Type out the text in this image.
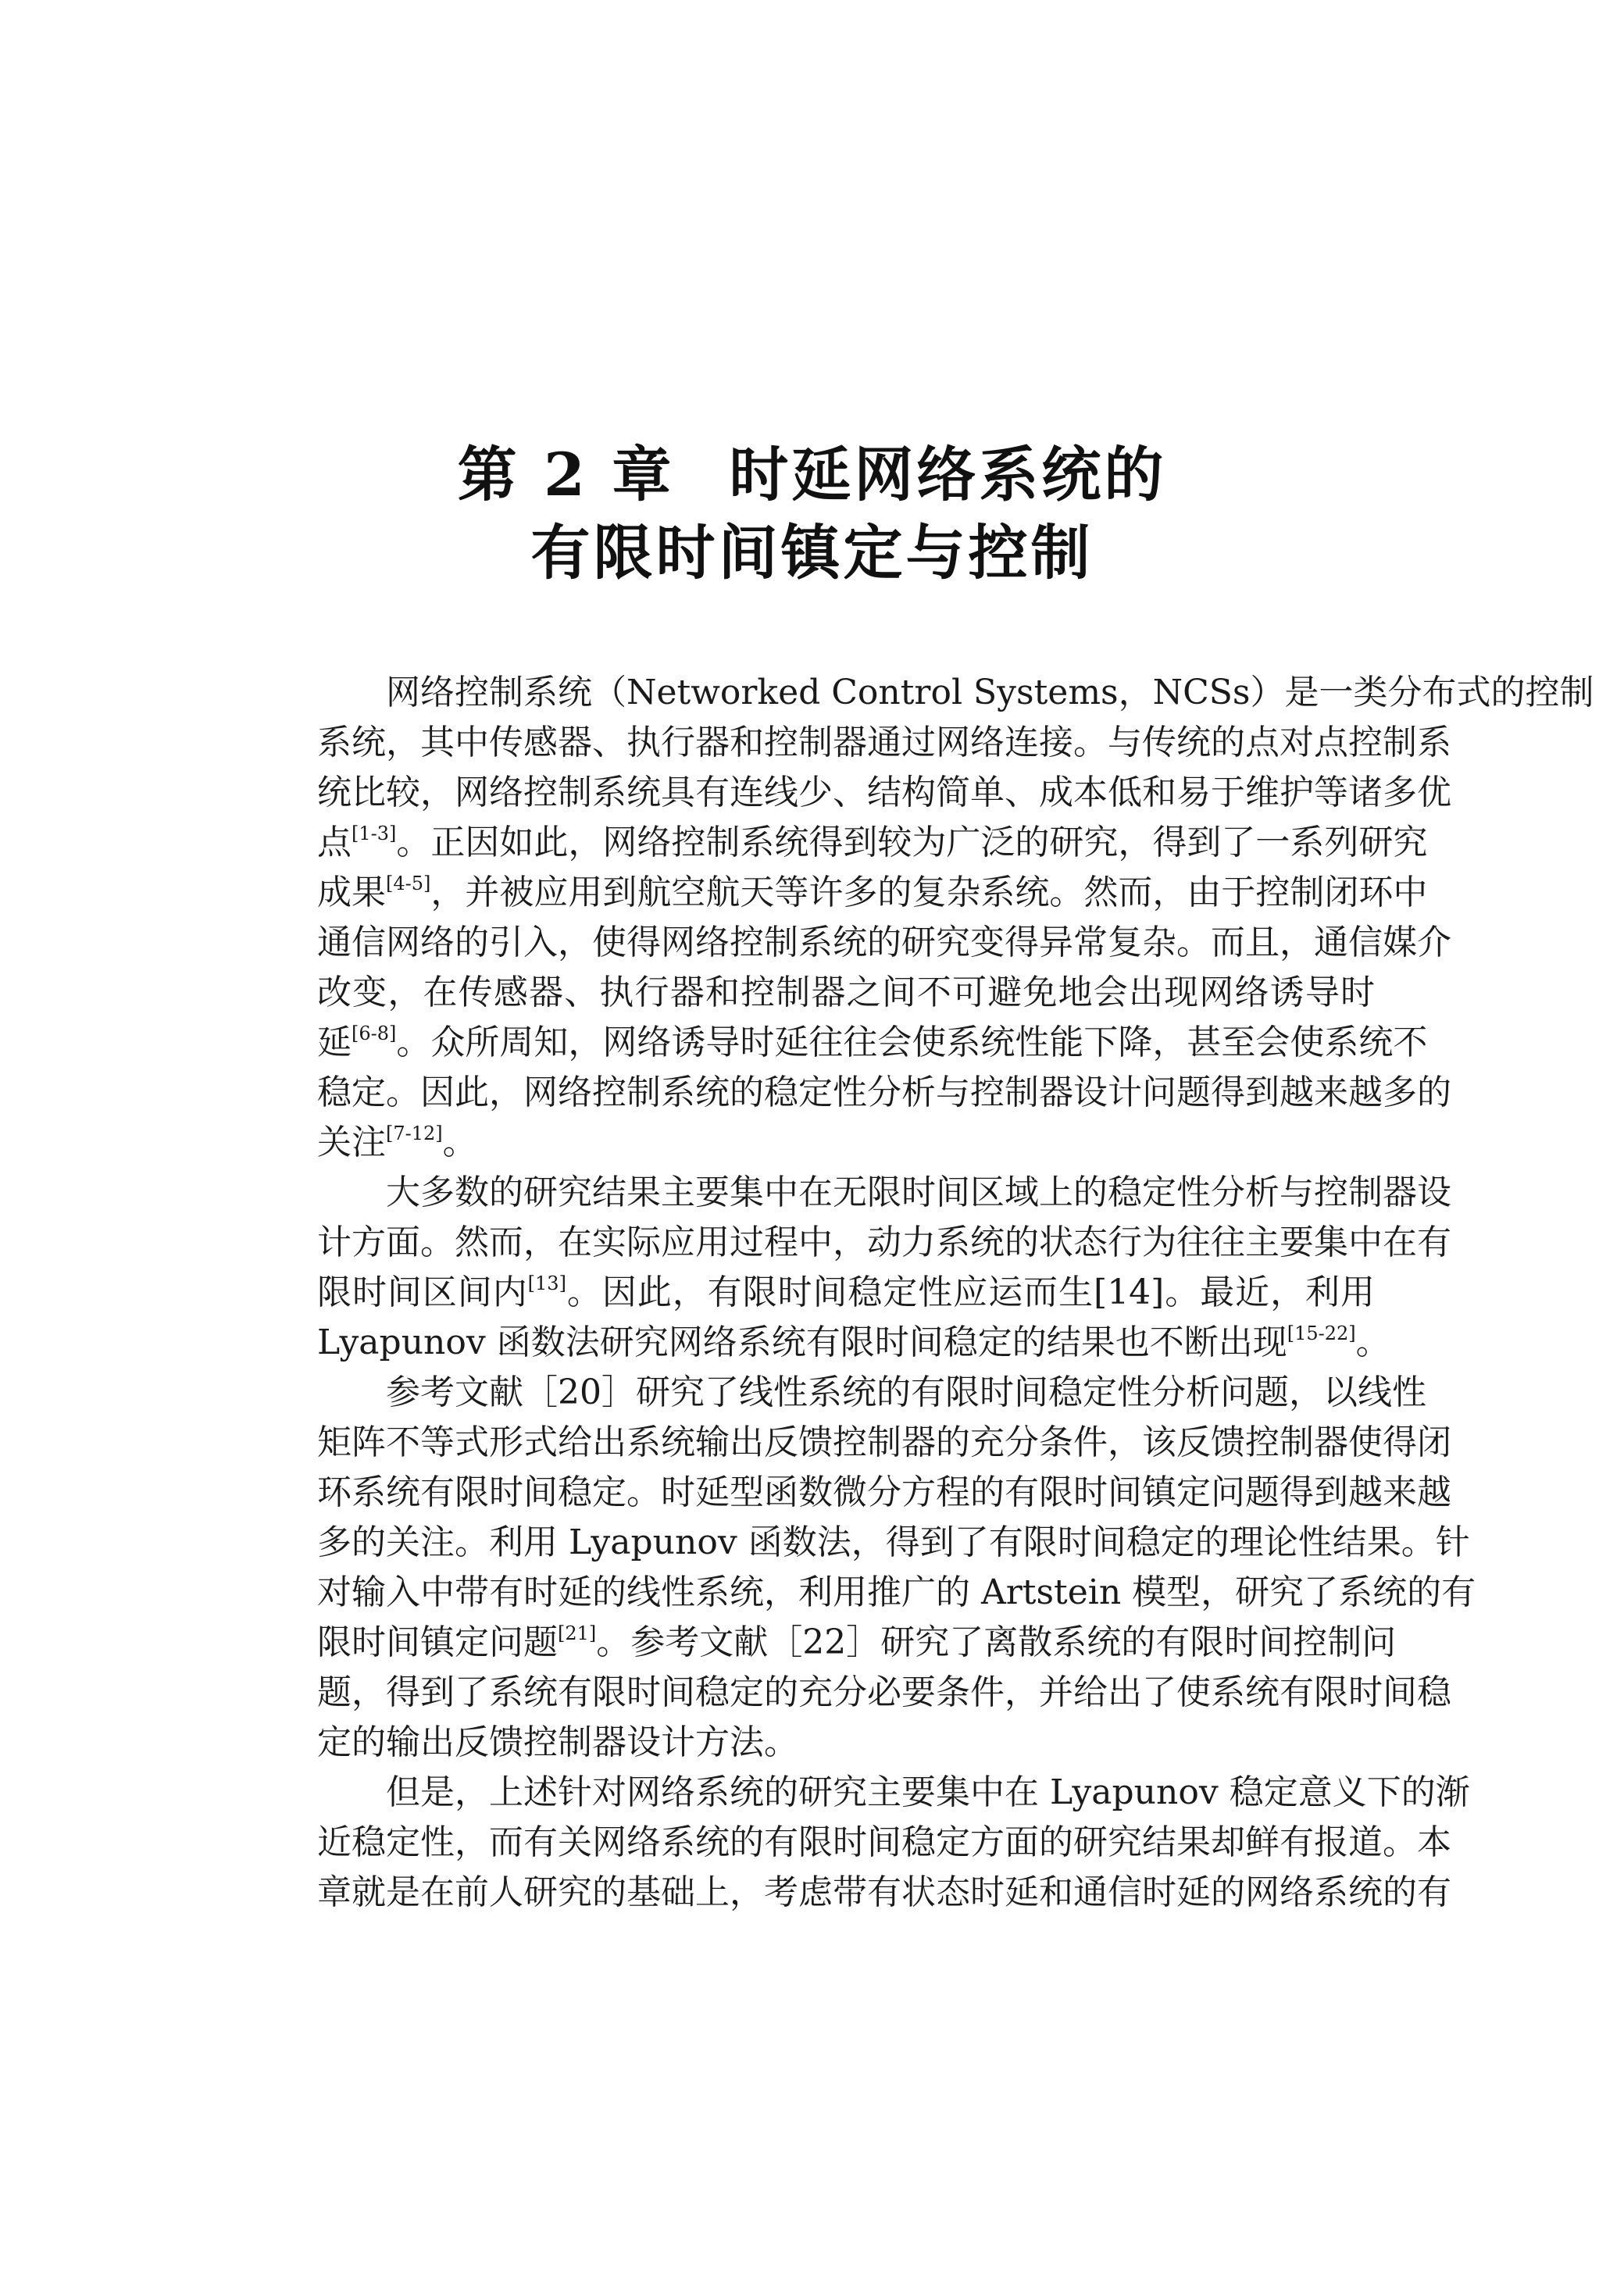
第 2 章 时延网络系统的
有限时间镇定与控制
网络控制系统（Networked Control Systems，NCSs）是一类分布式的控制
系统，其中传感器、执行器和控制器通过网络连接。与传统的点对点控制系
统比较，网络控制系统具有连线少、结构简单、成本低和易于维护等诸多优
点[1-3]。正因如此，网络控制系统得到较为广泛的研究，得到了一系列研究
成果[4-5]，并被应用到航空航天等许多的复杂系统。然而，由于控制闭环中
通信网络的引入，使得网络控制系统的研究变得异常复杂。而且，通信媒介
改变，在传感器、执行器和控制器之间不可避免地会出现网络诱导时
延[6-8]。众所周知，网络诱导时延往往会使系统性能下降，甚至会使系统不
稳定。因此，网络控制系统的稳定性分析与控制器设计问题得到越来越多的
关注[7-12]。
大多数的研究结果主要集中在无限时间区域上的稳定性分析与控制器设
计方面。然而，在实际应用过程中，动力系统的状态行为往往主要集中在有
限时间区间内[13]。因此，有限时间稳定性应运而生[14]。最近，利用
Lyapunov 函数法研究网络系统有限时间稳定的结果也不断出现[15-22]。
参考文献［20］研究了线性系统的有限时间稳定性分析问题，以线性
矩阵不等式形式给出系统输出反馈控制器的充分条件，该反馈控制器使得闭
环系统有限时间稳定。时延型函数微分方程的有限时间镇定问题得到越来越
多的关注。利用 Lyapunov 函数法，得到了有限时间稳定的理论性结果。针
对输入中带有时延的线性系统，利用推广的 Artstein 模型，研究了系统的有
限时间镇定问题[21]。参考文献［22］研究了离散系统的有限时间控制问
题，得到了系统有限时间稳定的充分必要条件，并给出了使系统有限时间稳
定的输出反馈控制器设计方法。
但是，上述针对网络系统的研究主要集中在 Lyapunov 稳定意义下的渐
近稳定性，而有关网络系统的有限时间稳定方面的研究结果却鲜有报道。本
章就是在前人研究的基础上，考虑带有状态时延和通信时延的网络系统的有
